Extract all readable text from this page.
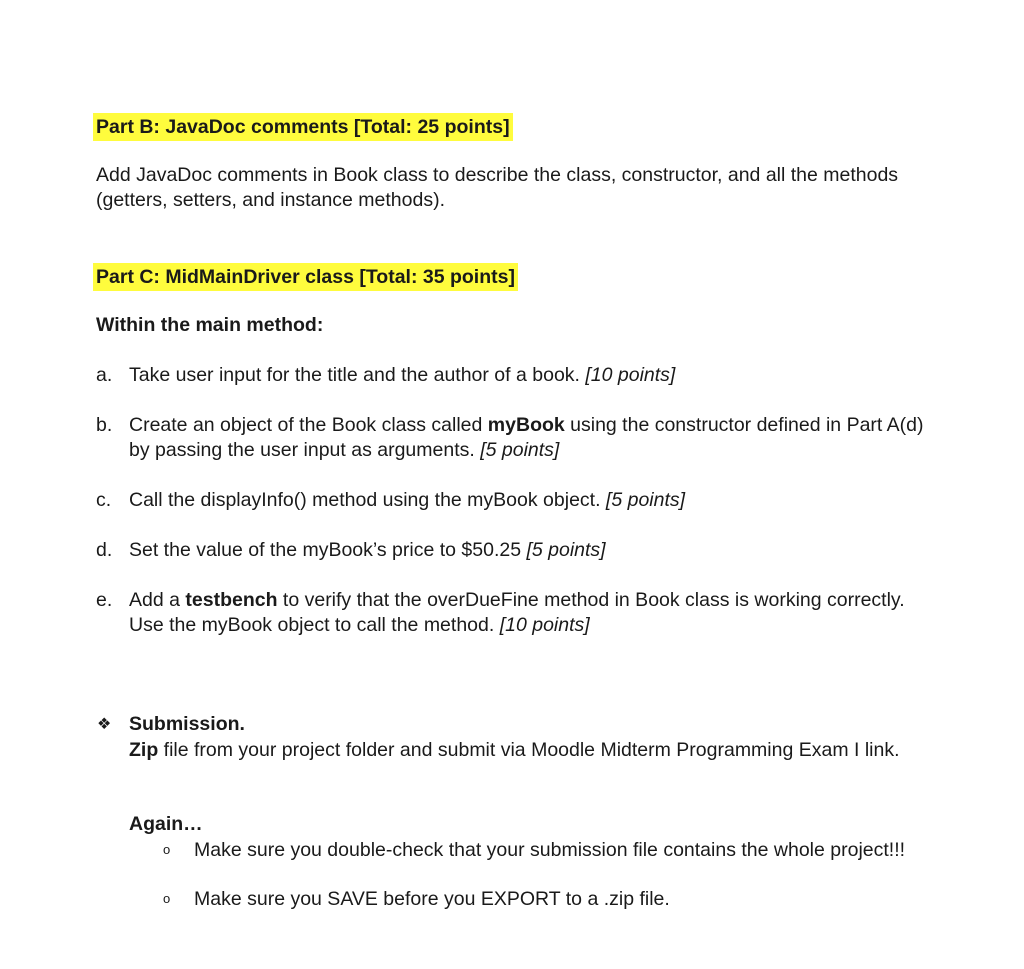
Part B: JavaDoc comments [Total: 25 points]
Add JavaDoc comments in Book class to describe the class, constructor, and all the methods (getters, setters, and instance methods).
Part C: MidMainDriver class [Total: 35 points]
Within the main method:
a. Take user input for the title and the author of a book. [10 points]
b. Create an object of the Book class called myBook using the constructor defined in Part A(d) by passing the user input as arguments. [5 points]
c. Call the displayInfo() method using the myBook object. [5 points]
d. Set the value of the myBook’s price to $50.25 [5 points]
e. Add a testbench to verify that the overDueFine method in Book class is working correctly. Use the myBook object to call the method. [10 points]
❖ Submission.
Zip file from your project folder and submit via Moodle Midterm Programming Exam I link.
Again…
o Make sure you double-check that your submission file contains the whole project!!!
o Make sure you SAVE before you EXPORT to a .zip file.
